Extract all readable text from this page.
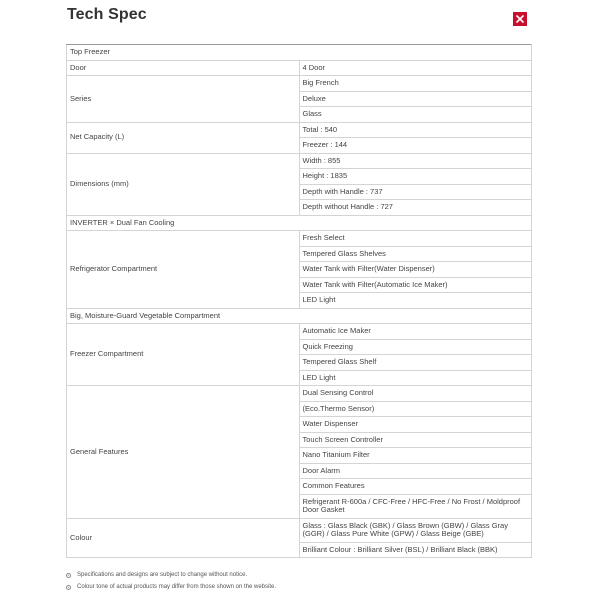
Tech Spec
Top Freezer	
Door	4 Door
Series	Big French
	Deluxe
	Glass
Net Capacity (L)	Total : 540
	Freezer : 144
Dimensions (mm)	Width : 855
	Height : 1835
	Depth with Handle : 737
	Depth without Handle : 727
INVERTER × Dual Fan Cooling	
Refrigerator Compartment	Fresh Select
	Tempered Glass Shelves
	Water Tank with Filter(Water Dispenser)
	Water Tank with Filter(Automatic Ice Maker)
	LED Light
Big, Moisture-Guard Vegetable Compartment	
Freezer Compartment	Automatic Ice Maker
	Quick Freezing
	Tempered Glass Shelf
	LED Light
General Features	Dual Sensing Control
	(Eco.Thermo Sensor)
	Water Dispenser
	Touch Screen Controller
	Nano Titanium Filter
	Door Alarm
	Common Features
	Refrigerant R-600a / CFC-Free / HFC-Free / No Frost / Moldproof Door Gasket
Colour	Glass : Glass Black (GBK) / Glass Brown (GBW) / Glass Gray (GGR) / Glass Pure White (GPW) / Glass Beige (GBE)
	Brilliant Colour : Brilliant Silver (BSL) / Brilliant Black (BBK)
Specifications and designs are subject to change without notice.
Colour tone of actual products may differ from those shown on the website.
